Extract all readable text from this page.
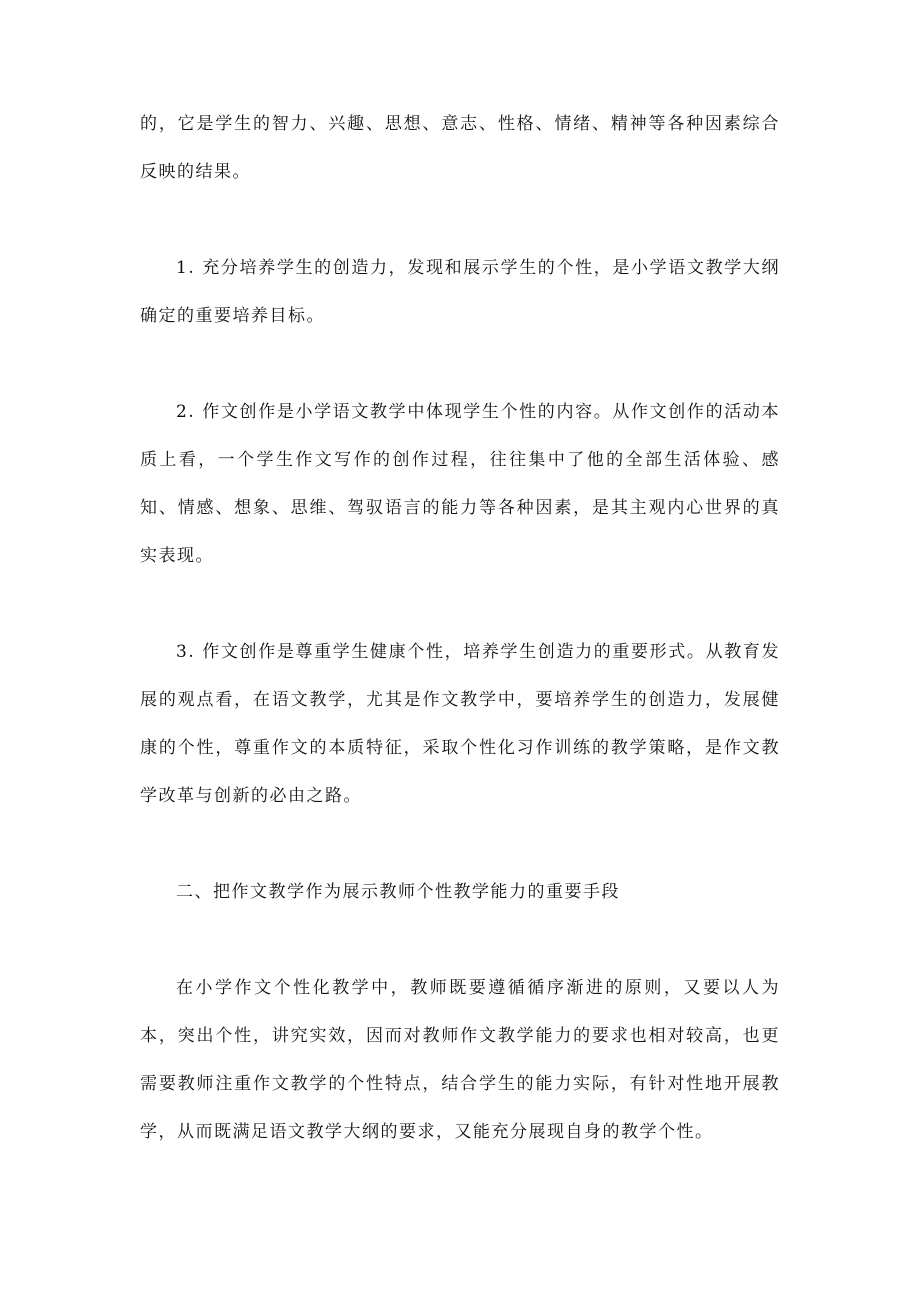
的，它是学生的智力、兴趣、思想、意志、性格、情绪、精神等各种因素综合反映的结果。

1. 充分培养学生的创造力，发现和展示学生的个性，是小学语文教学大纲确定的重要培养目标。

2. 作文创作是小学语文教学中体现学生个性的内容。从作文创作的活动本质上看，一个学生作文写作的创作过程，往往集中了他的全部生活体验、感知、情感、想象、思维、驾驭语言的能力等各种因素，是其主观内心世界的真实表现。

3. 作文创作是尊重学生健康个性，培养学生创造力的重要形式。从教育发展的观点看，在语文教学，尤其是作文教学中，要培养学生的创造力，发展健康的个性，尊重作文的本质特征，采取个性化习作训练的教学策略，是作文教学改革与创新的必由之路。

二、把作文教学作为展示教师个性教学能力的重要手段

在小学作文个性化教学中，教师既要遵循循序渐进的原则，又要以人为本，突出个性，讲究实效，因而对教师作文教学能力的要求也相对较高，也更需要教师注重作文教学的个性特点，结合学生的能力实际，有针对性地开展教学，从而既满足语文教学大纲的要求，又能充分展现自身的教学个性。
